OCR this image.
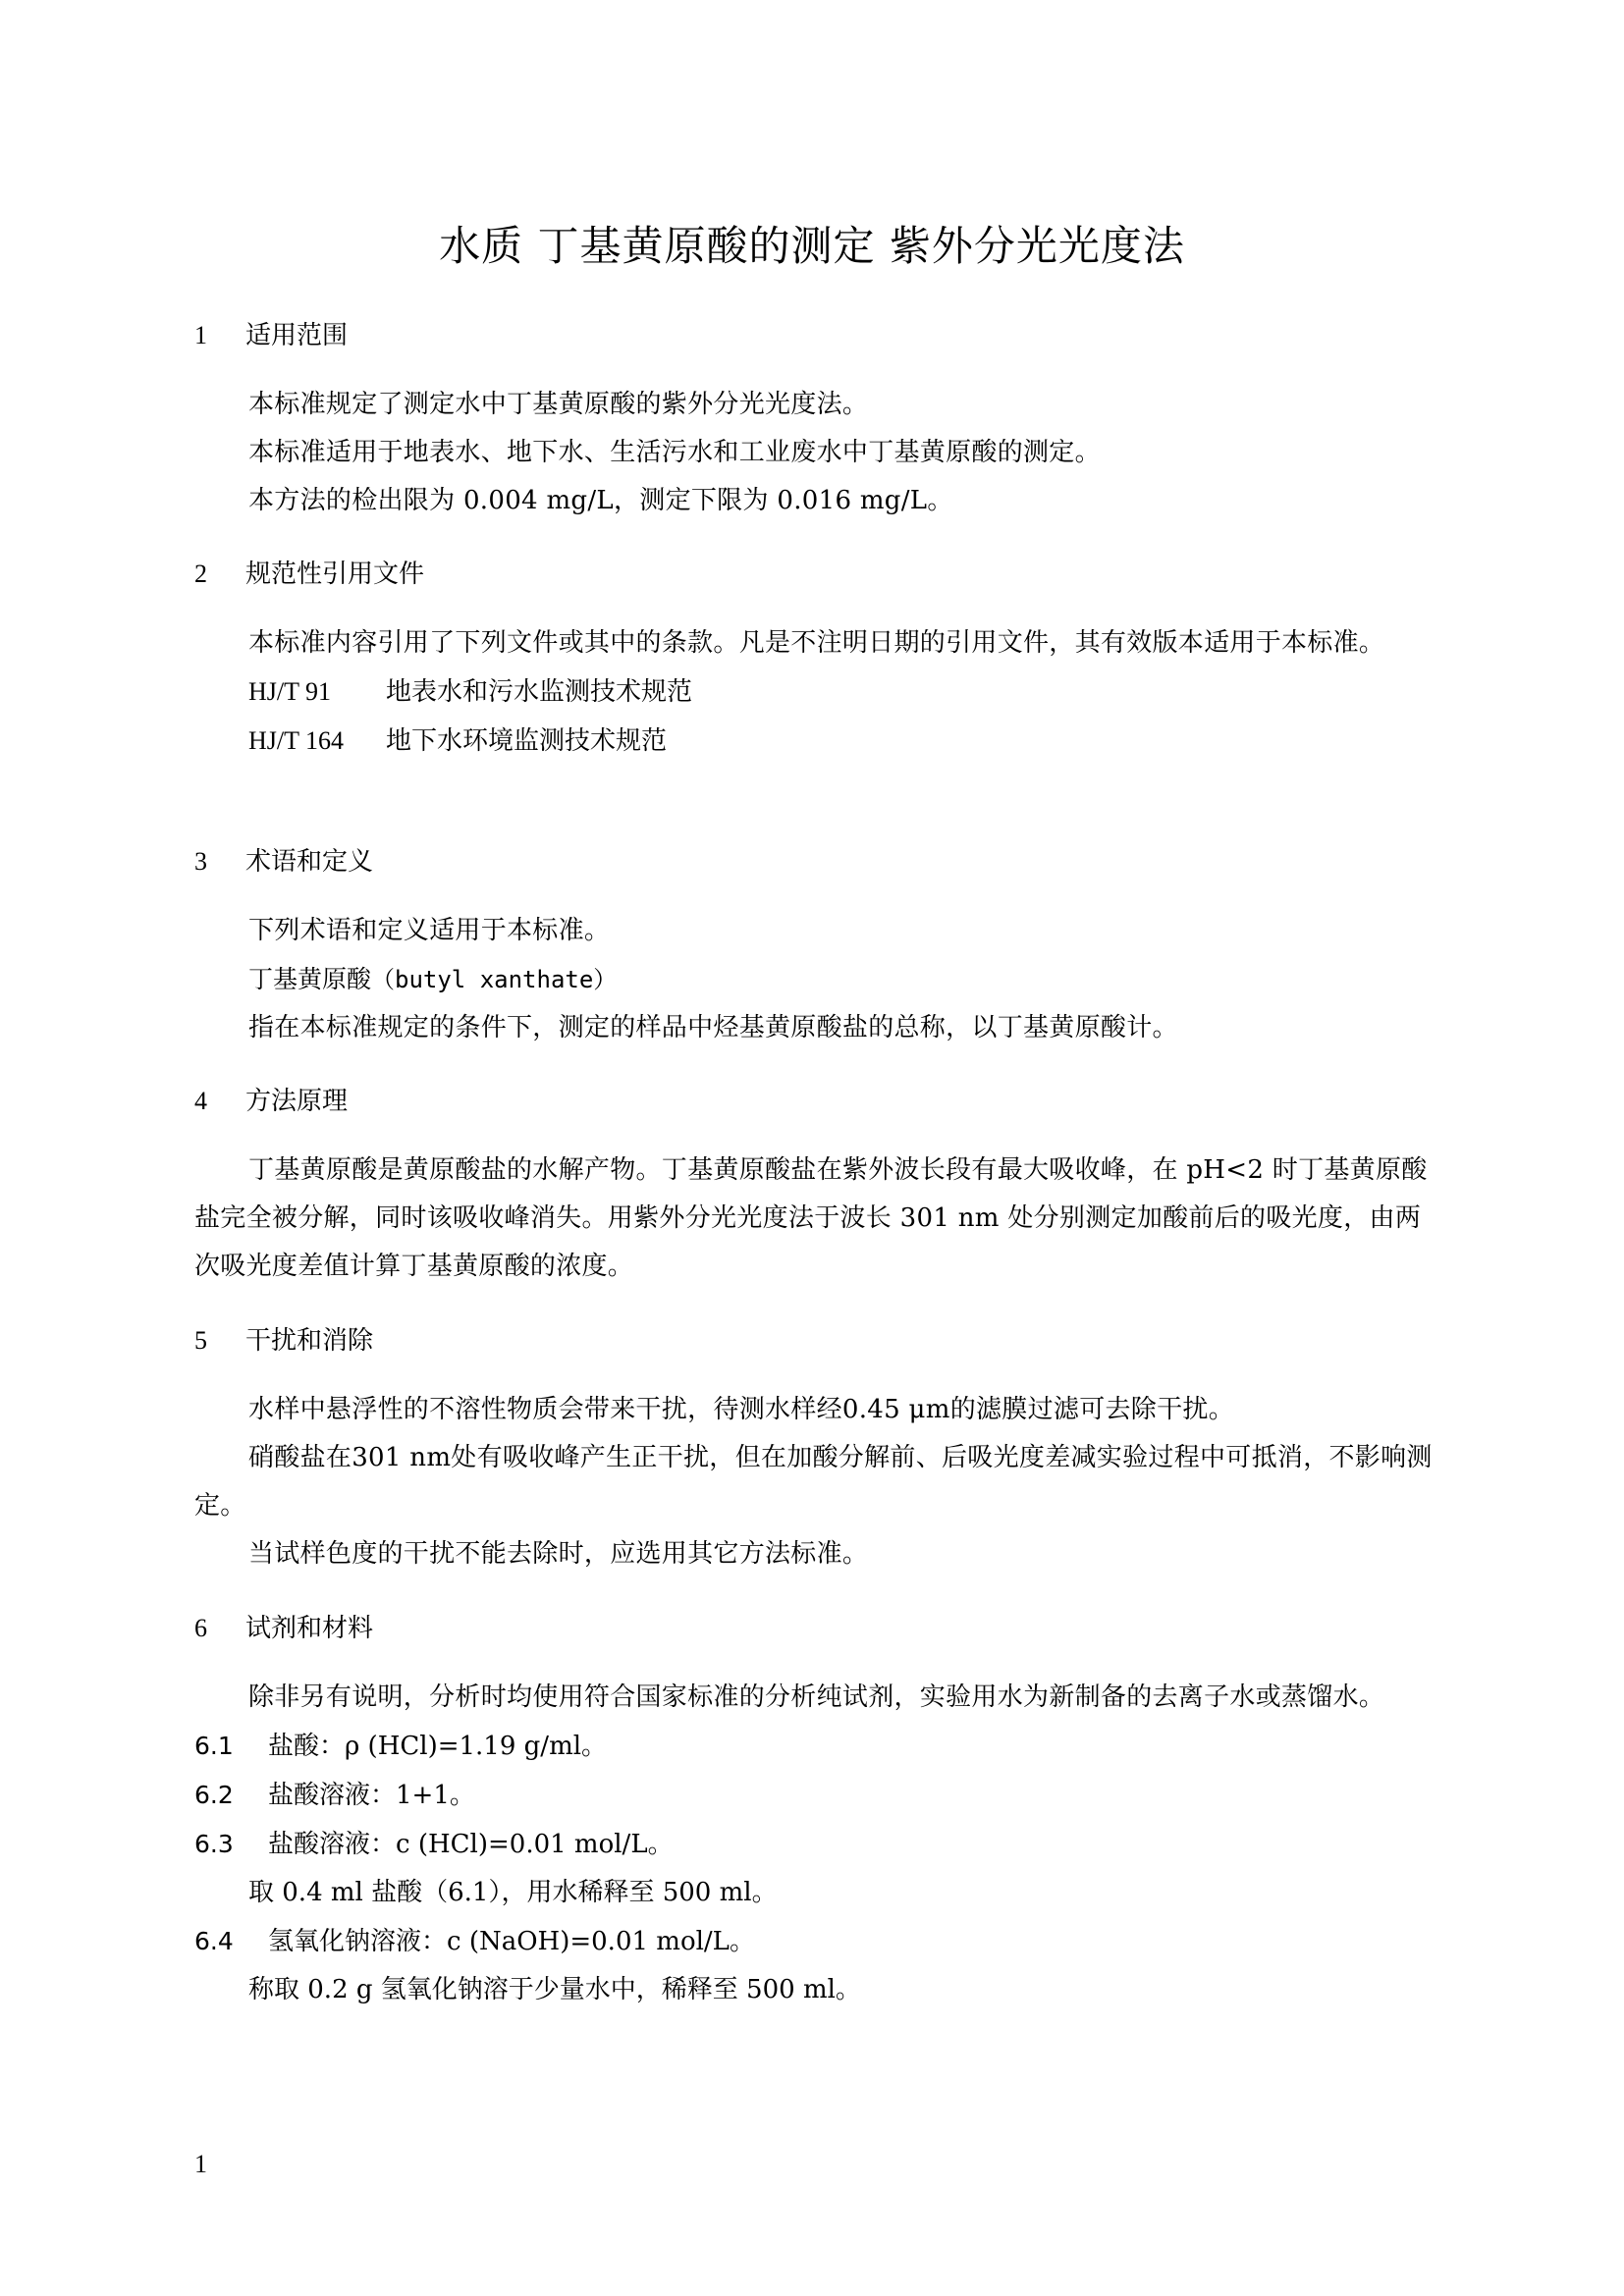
水质 丁基黄原酸的测定 紫外分光光度法
1 适用范围

本标准规定了测定水中丁基黄原酸的紫外分光光度法。

本标准适用于地表水、地下水、生活污水和工业废水中丁基黄原酸的测定。

本方法的检出限为 0.004 mg/L，测定下限为 0.016 mg/L。

2 规范性引用文件

本标准内容引用了下列文件或其中的条款。凡是不注明日期的引用文件，其有效版本适用于本标准。

HJ/T 91 地表水和污水监测技术规范
HJ/T 164 地下水环境监测技术规范
3 术语和定义

下列术语和定义适用于本标准。

丁基黄原酸（butyl xanthate）

指在本标准规定的条件下，测定的样品中烃基黄原酸盐的总称，以丁基黄原酸计。

4 方法原理

丁基黄原酸是黄原酸盐的水解产物。丁基黄原酸盐在紫外波长段有最大吸收峰，在 pH<2 时丁基黄原酸盐完全被分解，同时该吸收峰消失。用紫外分光光度法于波长 301 nm 处分别测定加酸前后的吸光度，由两次吸光度差值计算丁基黄原酸的浓度。

5 干扰和消除

水样中悬浮性的不溶性物质会带来干扰，待测水样经0.45 μm的滤膜过滤可去除干扰。

硝酸盐在301 nm处有吸收峰产生正干扰，但在加酸分解前、后吸光度差减实验过程中可抵消，不影响测定。

当试样色度的干扰不能去除时，应选用其它方法标准。

6 试剂和材料

除非另有说明，分析时均使用符合国家标准的分析纯试剂，实验用水为新制备的去离子水或蒸馏水。

6.1 盐酸：ρ (HCl)=1.19 g/ml。
6.2 盐酸溶液：1+1。
6.3 盐酸溶液：c (HCl)=0.01 mol/L。
取 0.4 ml 盐酸（6.1），用水稀释至 500 ml。
6.4 氢氧化钠溶液：c (NaOH)=0.01 mol/L。
称取 0.2 g 氢氧化钠溶于少量水中，稀释至 500 ml。
1
